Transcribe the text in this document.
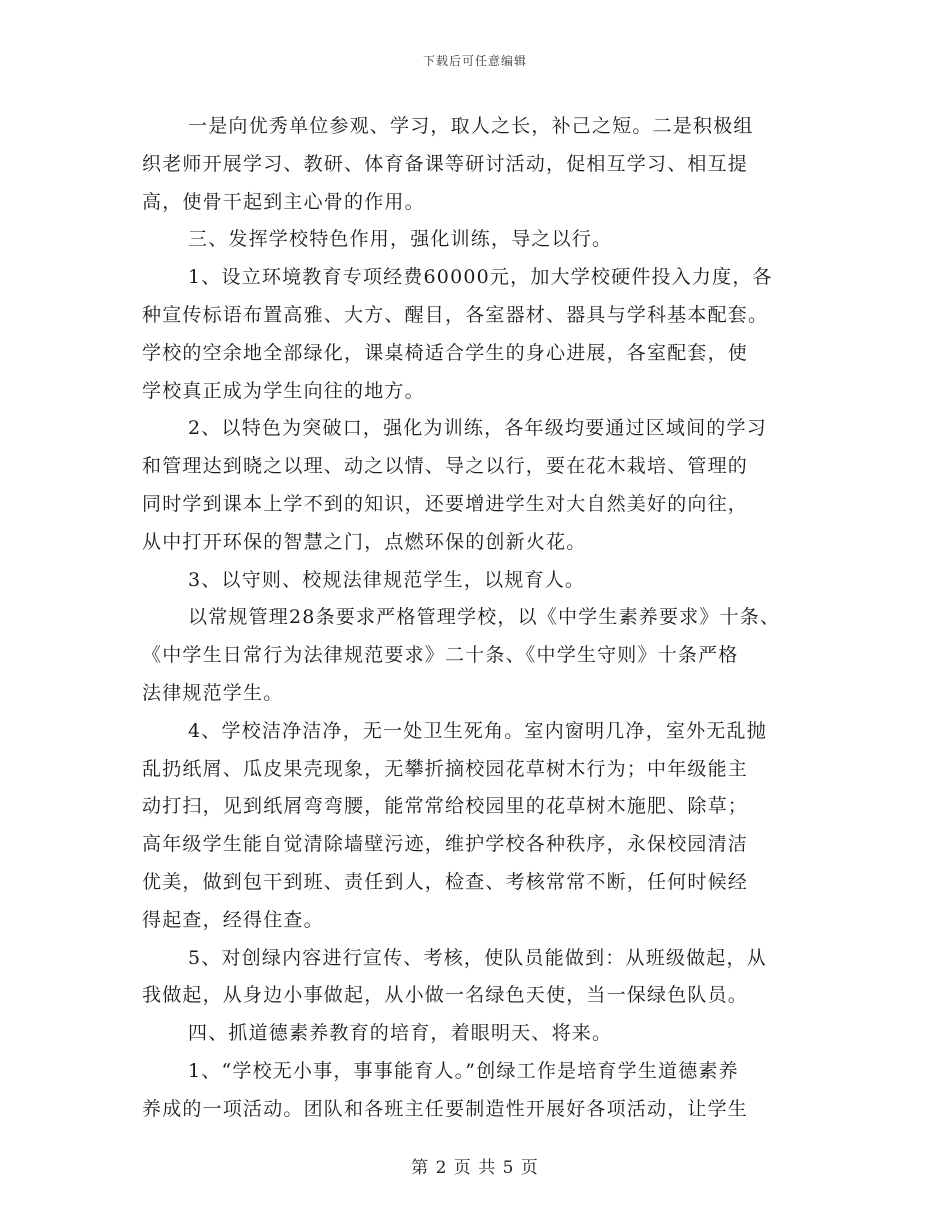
下载后可任意编辑
一是向优秀单位参观、学习，取人之长，补己之短。二是积极组
织老师开展学习、教研、体育备课等研讨活动，促相互学习、相互提
高，使骨干起到主心骨的作用。
三、发挥学校特色作用，强化训练，导之以行。
1、设立环境教育专项经费60000元，加大学校硬件投入力度，各
种宣传标语布置高雅、大方、醒目，各室器材、器具与学科基本配套。
学校的空余地全部绿化，课桌椅适合学生的身心进展，各室配套，使
学校真正成为学生向往的地方。
2、以特色为突破口，强化为训练，各年级均要通过区域间的学习
和管理达到晓之以理、动之以情、导之以行，要在花木栽培、管理的
同时学到课本上学不到的知识，还要增进学生对大自然美好的向往，
从中打开环保的智慧之门，点燃环保的创新火花。
3、以守则、校规法律规范学生，以规育人。
以常规管理28条要求严格管理学校，以《中学生素养要求》十条、
《中学生日常行为法律规范要求》二十条、《中学生守则》十条严格
法律规范学生。
4、学校洁净洁净，无一处卫生死角。室内窗明几净，室外无乱抛
乱扔纸屑、瓜皮果壳现象，无攀折摘校园花草树木行为；中年级能主
动打扫，见到纸屑弯弯腰，能常常给校园里的花草树木施肥、除草；
高年级学生能自觉清除墙壁污迹，维护学校各种秩序，永保校园清洁
优美，做到包干到班、责任到人，检查、考核常常不断，任何时候经
得起查，经得住查。
5、对创绿内容进行宣传、考核，使队员能做到：从班级做起，从
我做起，从身边小事做起，从小做一名绿色天使，当一保绿色队员。
四、抓道德素养教育的培育，着眼明天、将来。
1、“学校无小事，事事能育人。”创绿工作是培育学生道德素养
养成的一项活动。团队和各班主任要制造性开展好各项活动，让学生
第 2 页 共 5 页
